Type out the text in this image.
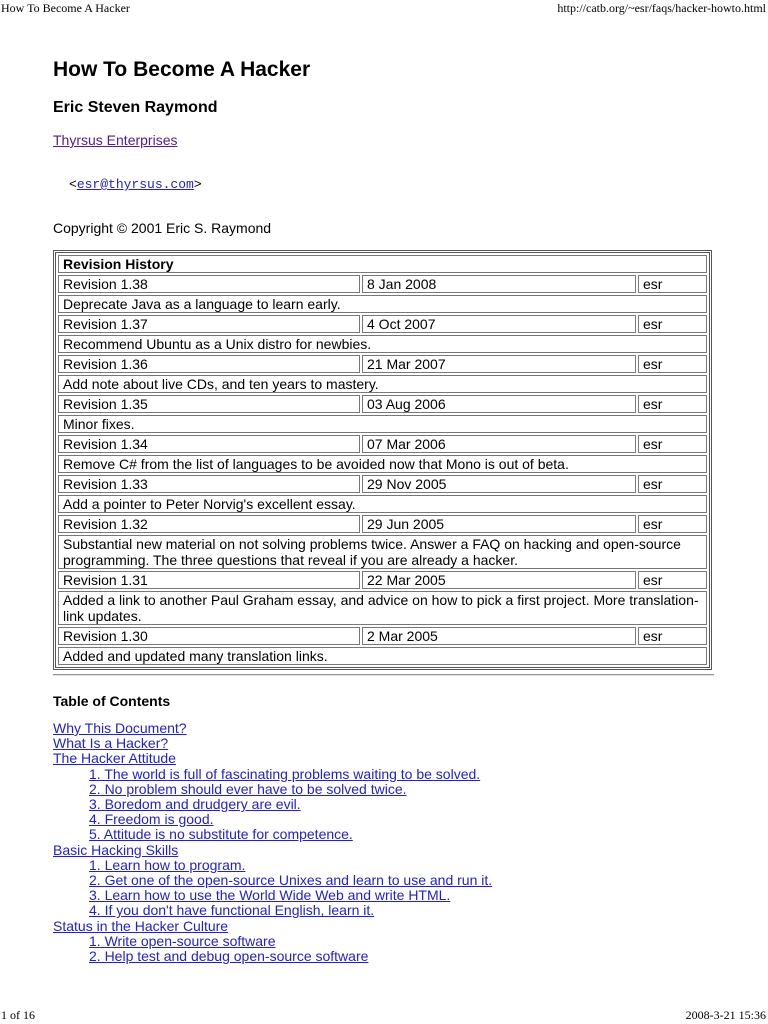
How To Become A Hacker	http://catb.org/~esr/faqs/hacker-howto.html
How To Become A Hacker
Eric Steven Raymond
Thyrsus Enterprises
<esr@thyrsus.com>
Copyright © 2001 Eric S. Raymond
Revision History		
Revision 1.38	8 Jan 2008	esr
Deprecate Java as a language to learn early.		
Revision 1.37	4 Oct 2007	esr
Recommend Ubuntu as a Unix distro for newbies.		
Revision 1.36	21 Mar 2007	esr
Add note about live CDs, and ten years to mastery.		
Revision 1.35	03 Aug 2006	esr
Minor fixes.		
Revision 1.34	07 Mar 2006	esr
Remove C# from the list of languages to be avoided now that Mono is out of beta.		
Revision 1.33	29 Nov 2005	esr
Add a pointer to Peter Norvig's excellent essay.		
Revision 1.32	29 Jun 2005	esr
Substantial new material on not solving problems twice. Answer a FAQ on hacking and open-source programming. The three questions that reveal if you are already a hacker.		
Revision 1.31	22 Mar 2005	esr
Added a link to another Paul Graham essay, and advice on how to pick a first project. More translation-link updates.		
Revision 1.30	2 Mar 2005	esr
Added and updated many translation links.		
Table of Contents
Why This Document?
What Is a Hacker?
The Hacker Attitude
1. The world is full of fascinating problems waiting to be solved.
2. No problem should ever have to be solved twice.
3. Boredom and drudgery are evil.
4. Freedom is good.
5. Attitude is no substitute for competence.
Basic Hacking Skills
1. Learn how to program.
2. Get one of the open-source Unixes and learn to use and run it.
3. Learn how to use the World Wide Web and write HTML.
4. If you don't have functional English, learn it.
Status in the Hacker Culture
1. Write open-source software
2. Help test and debug open-source software
1 of 16	2008-3-21 15:36
